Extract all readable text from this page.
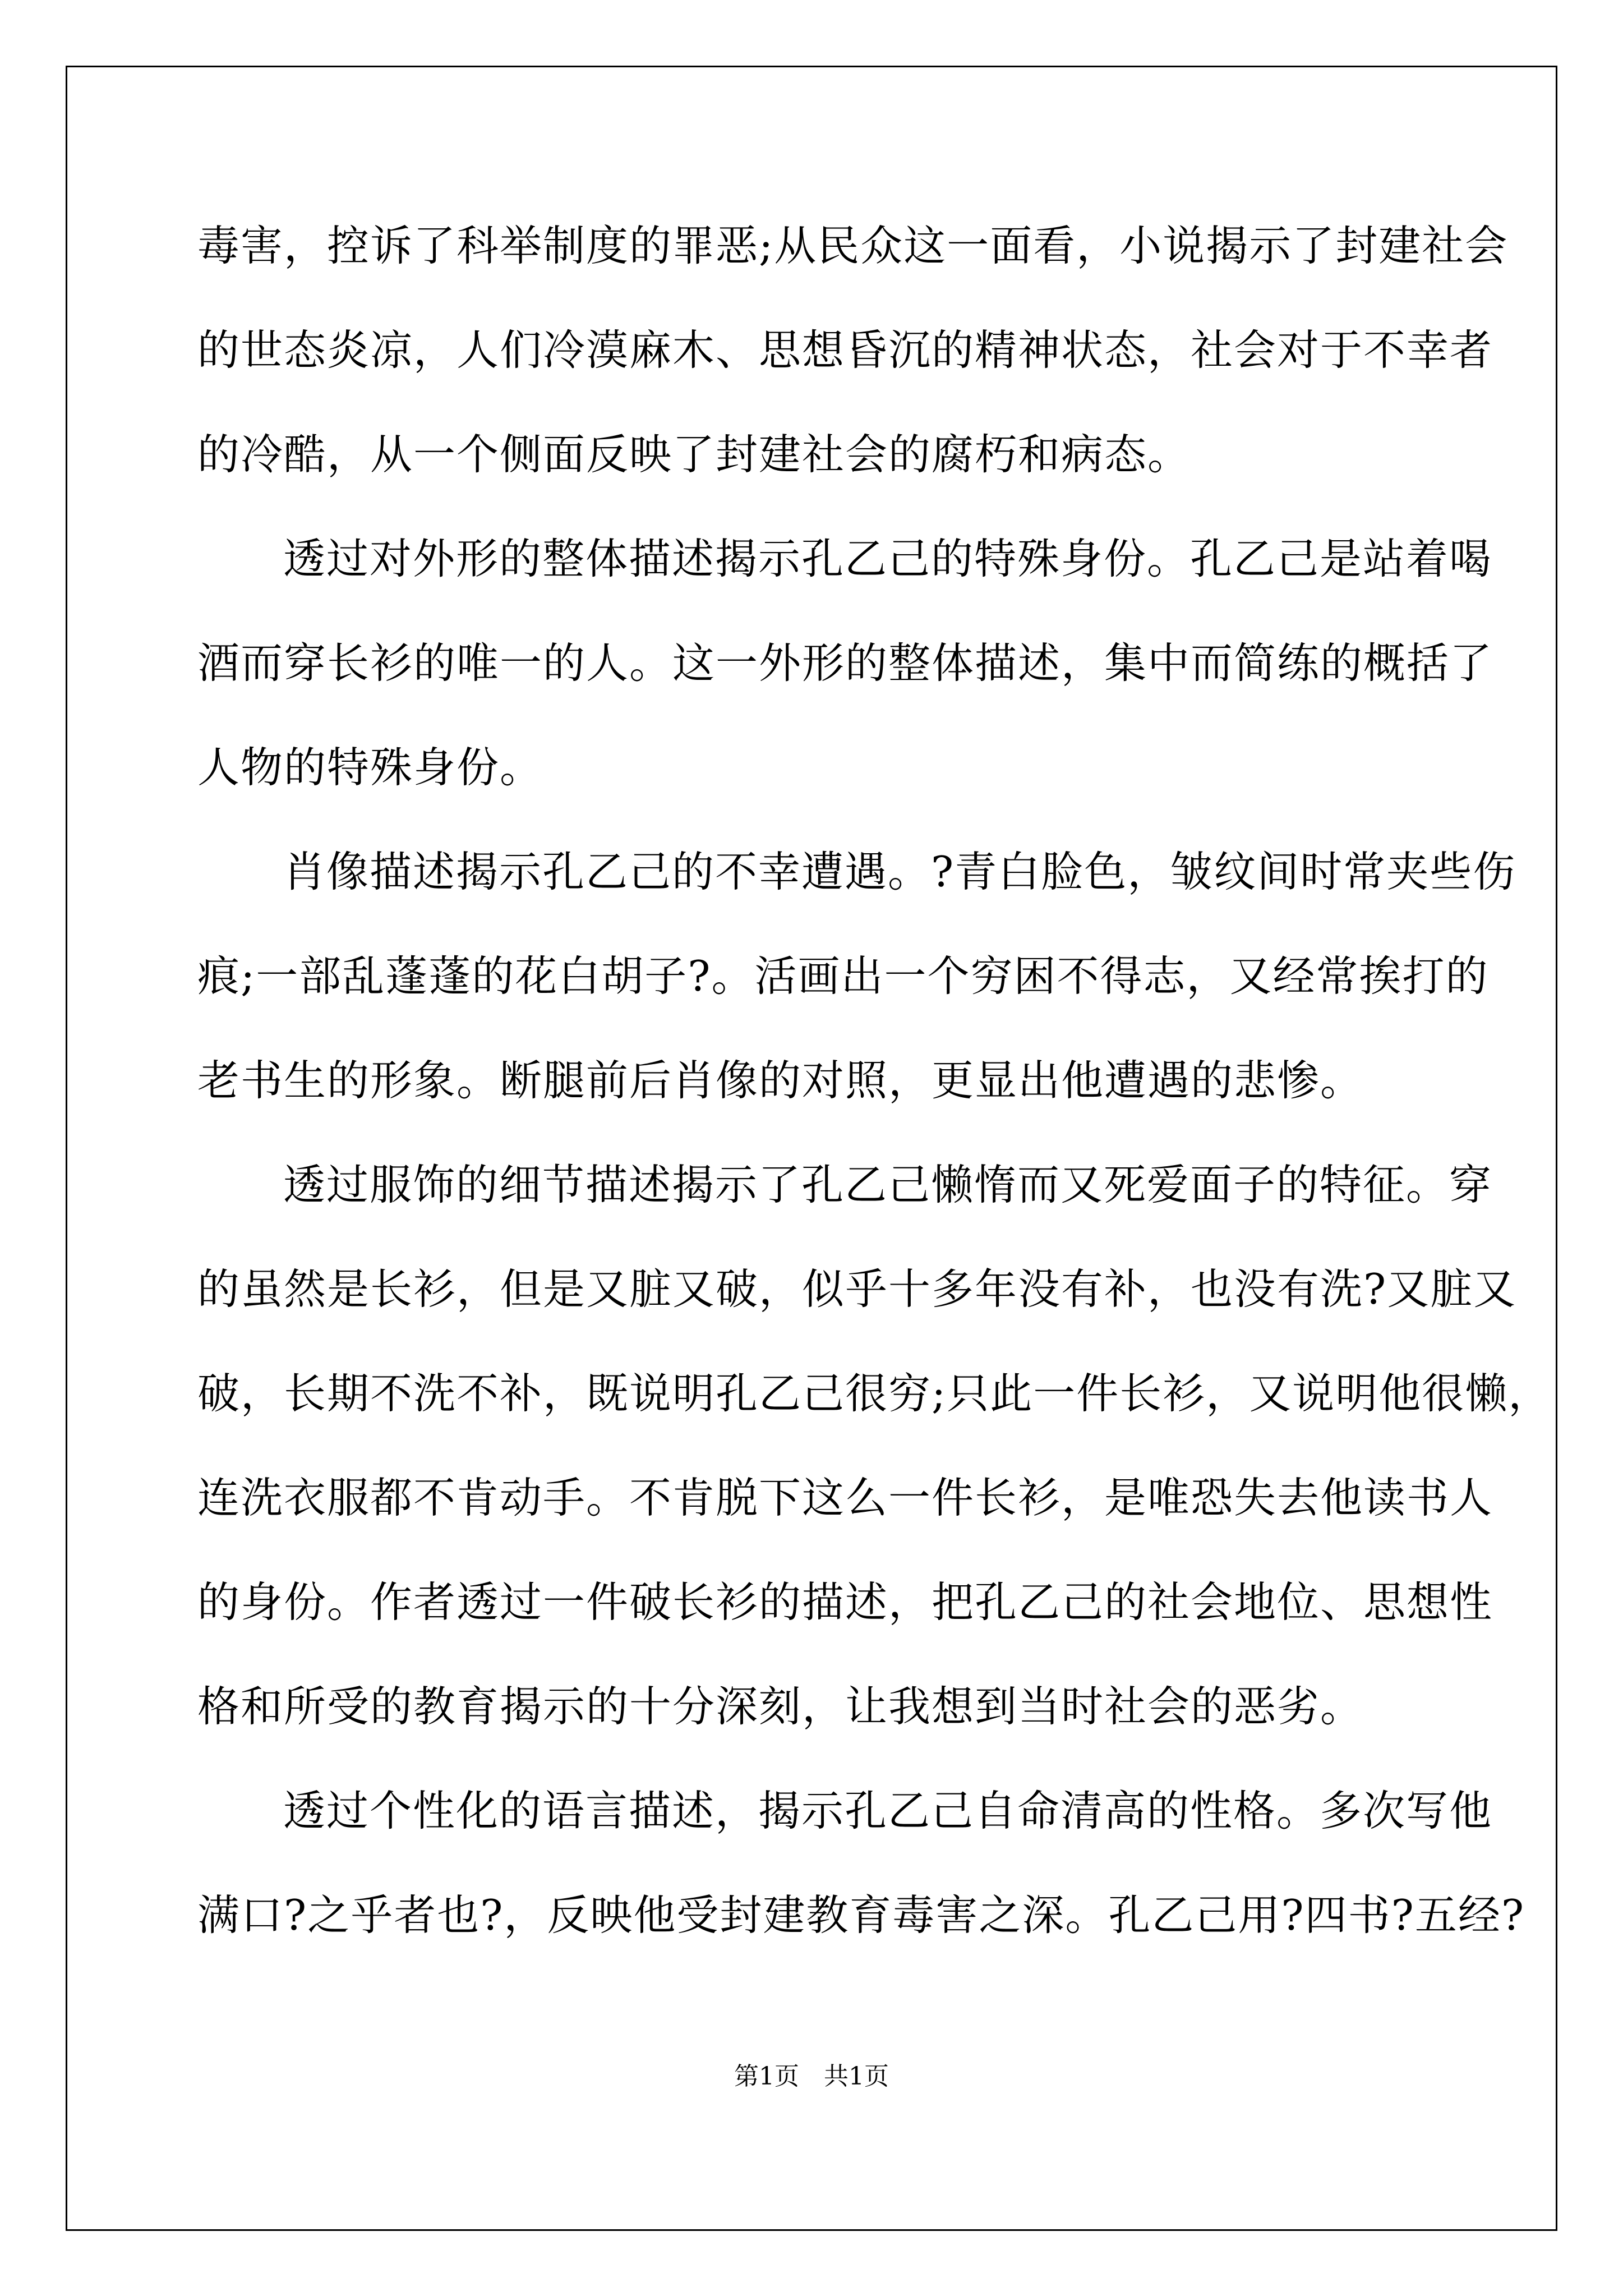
毒害，控诉了科举制度的罪恶;从民众这一面看，小说揭示了封建社会
的世态炎凉，人们冷漠麻木、思想昏沉的精神状态，社会对于不幸者
的冷酷，从一个侧面反映了封建社会的腐朽和病态。
透过对外形的整体描述揭示孔乙己的特殊身份。孔乙己是站着喝
酒而穿长衫的唯一的人。这一外形的整体描述，集中而简练的概括了
人物的特殊身份。
肖像描述揭示孔乙己的不幸遭遇。?青白脸色，皱纹间时常夹些伤
痕;一部乱蓬蓬的花白胡子?。活画出一个穷困不得志，又经常挨打的
老书生的形象。断腿前后肖像的对照，更显出他遭遇的悲惨。
透过服饰的细节描述揭示了孔乙己懒惰而又死爱面子的特征。穿
的虽然是长衫，但是又脏又破，似乎十多年没有补，也没有洗?又脏又
破，长期不洗不补，既说明孔乙己很穷;只此一件长衫，又说明他很懒，
连洗衣服都不肯动手。不肯脱下这么一件长衫，是唯恐失去他读书人
的身份。作者透过一件破长衫的描述，把孔乙己的社会地位、思想性
格和所受的教育揭示的十分深刻，让我想到当时社会的恶劣。
透过个性化的语言描述，揭示孔乙己自命清高的性格。多次写他
满口?之乎者也?，反映他受封建教育毒害之深。孔乙己用?四书?五经?
第1页　共1页
